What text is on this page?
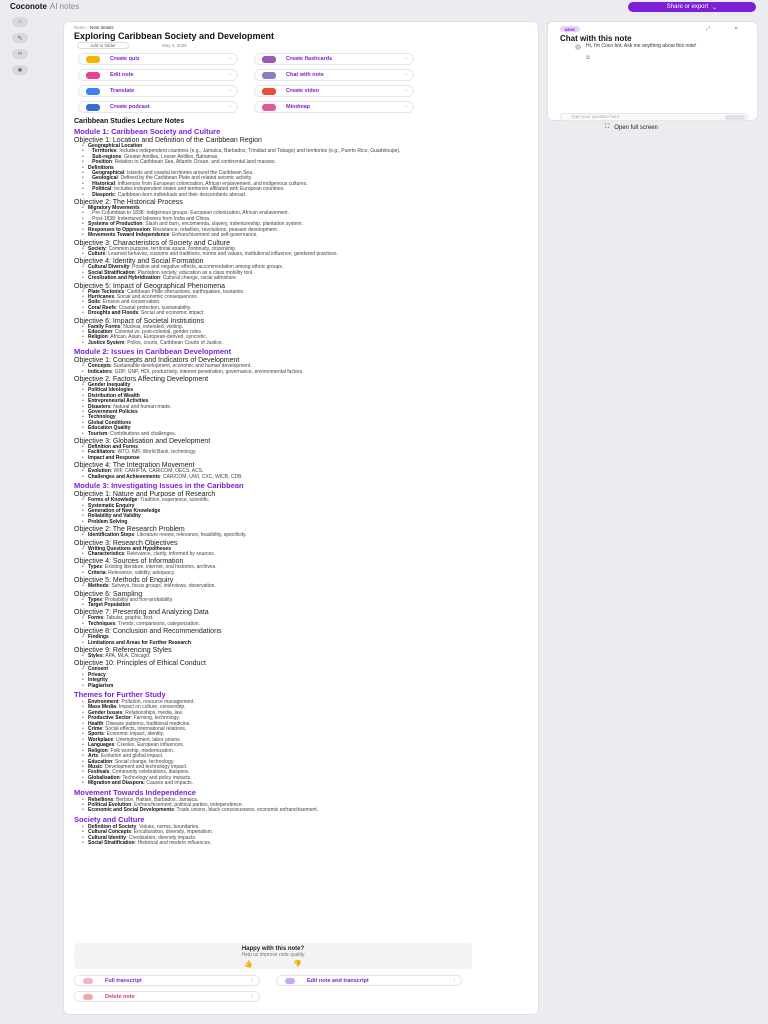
Coconote AI notes	Share or export ⌄
⌂
✎
∞
✱
Notes › Note details
Exploring Caribbean Society and Development
Add to folder	May 4, 2025
Create quiz	›	Create flashcards	›
Edit note	›	Chat with note	›
Translate	›	Create video	›
Create podcast	›	Mindmap	›
Caribbean Studies Lecture Notes
Module 1: Caribbean Society and Culture
Objective 1: Location and Definition of the Caribbean Region
• Geographical Location
• Territories: Includes independent countries (e.g., Jamaica, Barbados, Trinidad and Tobago) and territories (e.g., Puerto Rico, Guadeloupe).
• Sub-regions: Greater Antilles, Lesser Antilles, Bahamas.
• Position: Relation to Caribbean Sea, Atlantic Ocean, and continental land masses.
• Definitions
• Geographical: Islands and coastal territories around the Caribbean Sea.
• Geological: Defined by the Caribbean Plate and related seismic activity.
• Historical: Influences from European colonization, African enslavement, and indigenous cultures.
• Political: Includes independent states and territories affiliated with European countries.
• Diasporic: Caribbean-born individuals and their descendants abroad.
Objective 2: The Historical Process
• Migratory Movements
•    Pre-Columbian to 1838: Indigenous groups, European colonization, African enslavement.
•    Post-1838: Indentured laborers from India and China.
• Systems of Production: Slash and burn, encomienda, slavery, indentureship, plantation system.
• Responses to Oppression: Resistance, rebellion, revolutions, peasant development.
• Movements Toward Independence: Enfranchisement and self-governance.
Objective 3: Characteristics of Society and Culture
• Society: Common purpose, territorial space, continuity, citizenship.
• Culture: Learned behavior, customs and traditions, norms and values, institutional influence, gendered practices.
Objective 4: Identity and Social Formation
• Cultural Diversity: Positive and negative effects, accommodation among ethnic groups.
• Social Stratification: Plantation society, education as a class mobility tool.
• Creolization and Hybridization: Cultural change, racial admixture.
Objective 5: Impact of Geographical Phenomena
• Plate Tectonics: Caribbean Plate interactions, earthquakes, tsunamis.
• Hurricanes: Social and economic consequences.
• Soils: Erosion and conservation.
• Coral Reefs: Coastal protection, sustainability.
• Droughts and Floods: Social and economic impact.
Objective 6: Impact of Societal Institutions
• Family Forms: Nuclear, extended, visiting.
• Education: Colonial vs. post-colonial, gender roles.
• Religion: African, Asian, European-derived, syncretic.
• Justice System: Police, courts, Caribbean Courts of Justice.
Module 2: Issues in Caribbean Development
Objective 1: Concepts and Indicators of Development
• Concepts: Sustainable development, economic and human development.
• Indicators: GDP, GNP, HDI, productivity, internet penetration, governance, environmental factors.
Objective 2: Factors Affecting Development
• Gender Inequality
• Political Ideologies
• Distribution of Wealth
• Entrepreneurial Activities
• Disasters: Natural and human-made.
• Government Policies
• Technology
• Global Conditions
• Education Quality
• Tourism: Contributions and challenges.
Objective 3: Globalisation and Development
• Definition and Forms
• Facilitators: WTO, IMF, World Bank, technology.
• Impact and Response
Objective 4: The Integration Movement
• Evolution: WIF, CARIFTA, CARICOM, OECS, ACS.
• Challenges and Achievements: CARICOM, UWI, CXC, WICB, CDB.
Module 3: Investigating Issues in the Caribbean
Objective 1: Nature and Purpose of Research
• Forms of Knowledge: Tradition, experience, scientific.
• Systematic Enquiry
• Generation of New Knowledge
• Reliability and Validity
• Problem Solving
Objective 2: The Research Problem
• Identification Steps: Literature review, relevance, feasibility, specificity.
Objective 3: Research Objectives
• Writing Questions and Hypotheses
• Characteristics: Relevance, clarity, informed by sources.
Objective 4: Sources of Information
• Types: Existing literature, internet, oral histories, archives.
• Criteria: Relevance, validity, adequacy.
Objective 5: Methods of Enquiry
• Methods: Surveys, focus groups, interviews, observation.
Objective 6: Sampling
• Types: Probability and non-probability.
• Target Population
Objective 7: Presenting and Analyzing Data
• Forms: Tabular, graphic, text.
• Techniques: Trends, comparisons, categorization.
Objective 8: Conclusion and Recommendations
• Findings
• Limitations and Areas for Further Research
Objective 9: Referencing Styles
• Styles: APA, MLA, Chicago.
Objective 10: Principles of Ethical Conduct
• Consent
• Privacy
• Integrity
• Plagiarism
Themes for Further Study
• Environment: Pollution, resource management.
• Mass Media: Impact on culture, censorship.
• Gender Issues: Relationships, media, law.
• Productive Sector: Farming, technology.
• Health: Disease patterns, traditional medicine.
• Crime: Social effects, international relations.
• Sports: Economic impact, identity.
• Workplace: Unemployment, labor unions.
• Languages: Creoles, European influences.
• Religion: Folk worship, modernization.
• Arts: Evolution and global impact.
• Education: Social change, technology.
• Music: Development and technology impact.
• Festivals: Community celebrations, diaspora.
• Globalisation: Technology and policy impacts.
• Migration and Diaspora: Causes and impacts.
Movement Towards Independence
• Rebellions: Berbice, Haitian, Barbados, Jamaica.
• Political Evolution: Enfranchisement, political parties, independence.
• Economic and Social Developments: Trade unions, black consciousness, economic enfranchisement.
Society and Culture
• Definition of Society: Values, norms, boundaries.
• Cultural Concepts: Enculturation, diversity, imperialism.
• Cultural Identity: Creolization, diversity impacts.
• Social Stratification: Historical and modern influences.
Happy with this note?
Help us improve note quality
👍	👎
Full transcript	›	Edit note and transcript	›
Delete note	›
NEW!	⤢	✕
Chat with this note
Hi, I'm Coco bot. Ask me anything about this note!
⧉
Type your question here
⛶ Open full screen
